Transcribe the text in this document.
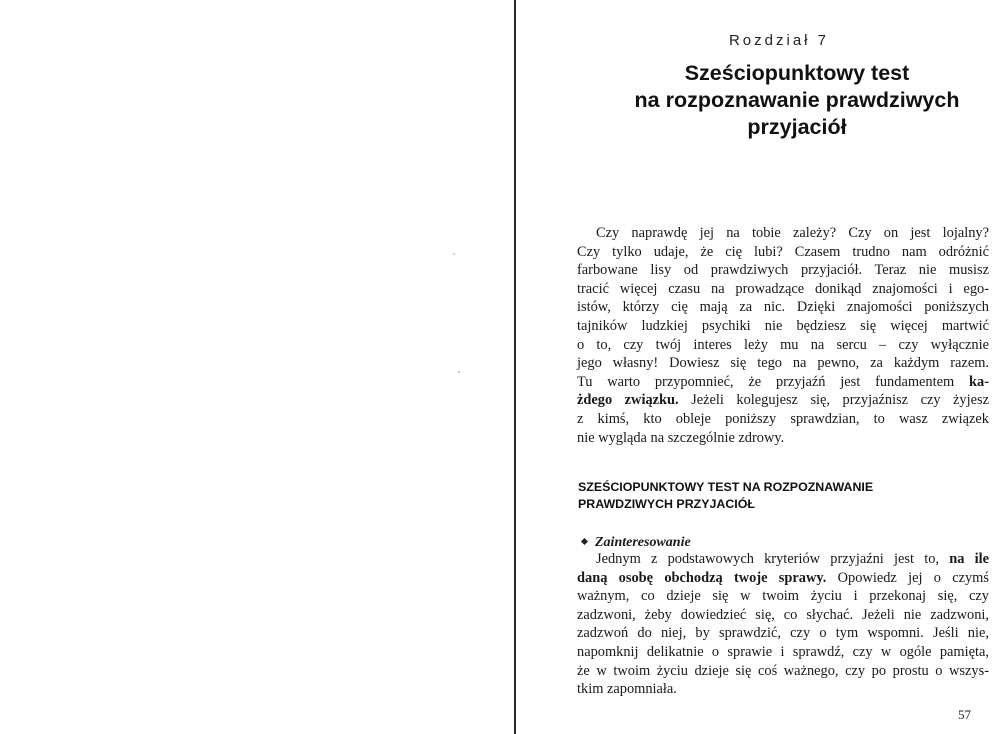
Rozdział 7
Sześciopunktowy test
na rozpoznawanie prawdziwych
przyjaciół
Czy naprawdę jej na tobie zależy? Czy on jest lojalny?
Czy tylko udaje, że cię lubi? Czasem trudno nam odróżnić
farbowane lisy od prawdziwych przyjaciół. Teraz nie musisz
tracić więcej czasu na prowadzące donikąd znajomości i ego-
istów, którzy cię mają za nic. Dzięki znajomości poniższych
tajników ludzkiej psychiki nie będziesz się więcej martwić
o to, czy twój interes leży mu na sercu – czy wyłącznie
jego własny! Dowiesz się tego na pewno, za każdym razem.
Tu warto przypomnieć, że przyjaźń jest fundamentem ka-
żdego związku. Jeżeli kolegujesz się, przyjaźnisz czy żyjesz
z kimś, kto obleje poniższy sprawdzian, to wasz związek
nie wygląda na szczególnie zdrowy.
SZEŚCIOPUNKTOWY TEST NA ROZPOZNAWANIE
PRAWDZIWYCH PRZYJACIÓŁ
Zainteresowanie
Jednym z podstawowych kryteriów przyjaźni jest to, na ile
daną osobę obchodzą twoje sprawy. Opowiedz jej o czymś
ważnym, co dzieje się w twoim życiu i przekonaj się, czy
zadzwoni, żeby dowiedzieć się, co słychać. Jeżeli nie zadzwoni,
zadzwoń do niej, by sprawdzić, czy o tym wspomni. Jeśli nie,
napomknij delikatnie o sprawie i sprawdź, czy w ogóle pamięta,
że w twoim życiu dzieje się coś ważnego, czy po prostu o wszys-
tkim zapomniała.
57
